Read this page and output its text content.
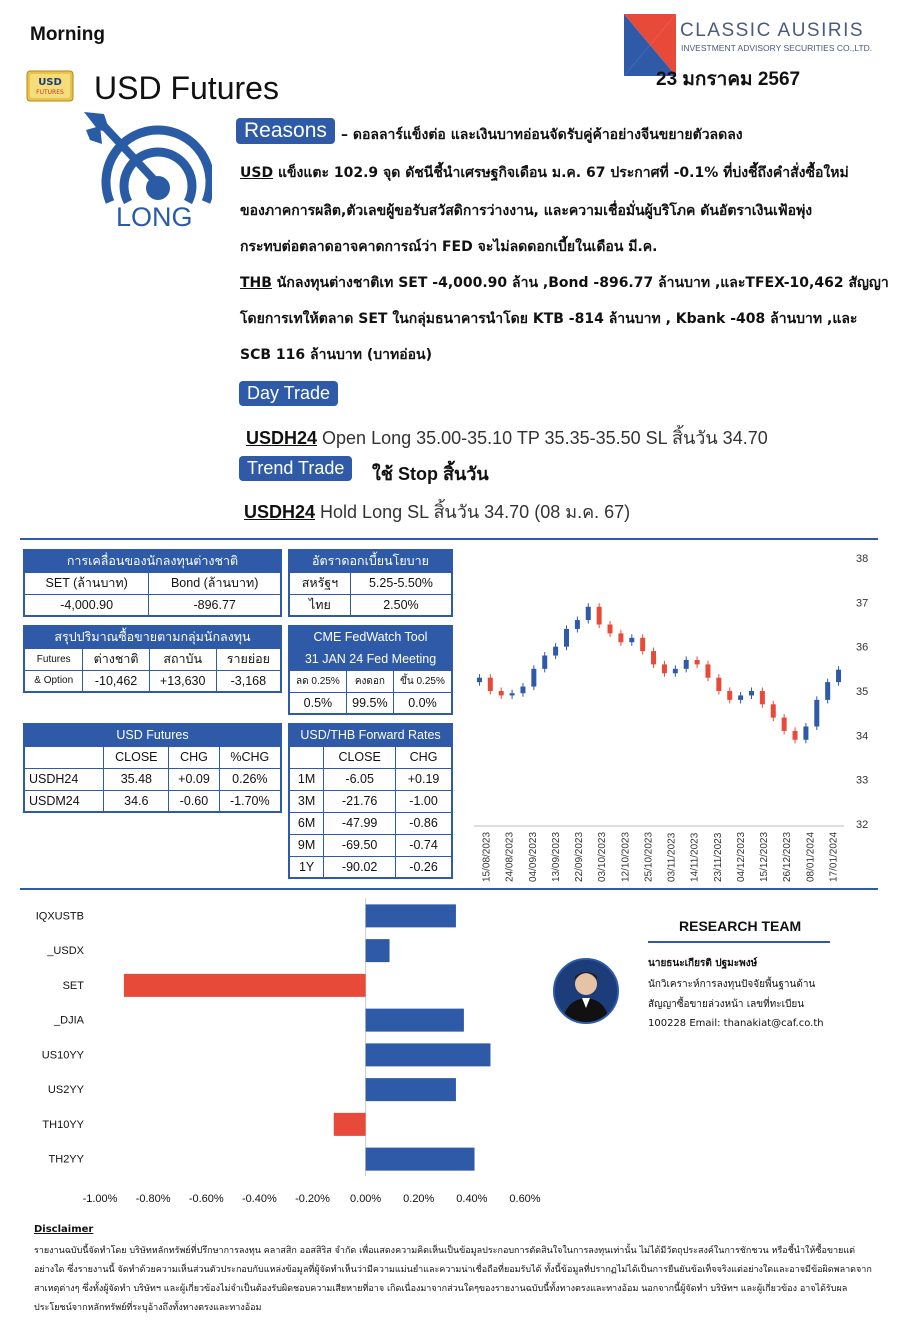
Morning
USD
FUTURES USD Futures
CLASSIC AUSIRIS
INVESTMENT ADVISORY SECURITIES CO.,LTD.
23 มกราคม 2567
LONG
Reasons	– ดอลลาร์แข็งต่อ และเงินบาทอ่อนจัดรับคู่ค้าอย่างจีนขยายตัวลดลง
USD แข็งแตะ 102.9 จุด ดัชนีชี้นำเศรษฐกิจเดือน ม.ค. 67 ประกาศที่ -0.1% ที่บ่งชี้ถึงคำสั่งซื้อใหม่
ของภาคการผลิต,ตัวเลขผู้ขอรับสวัสดิการว่างงาน, และความเชื่อมั่นผู้บริโภค ดันอัตราเงินเฟ้อพุ่ง
กระทบต่อตลาดอาจคาดการณ์ว่า FED จะไม่ลดดอกเบี้ยในเดือน มี.ค.
THB นักลงทุนต่างชาติเท SET -4,000.90 ล้าน ,Bond -896.77 ล้านบาท ,และTFEX-10,462 สัญญา
โดยการเทให้ตลาด SET ในกลุ่มธนาคารนำโดย KTB -814 ล้านบาท , Kbank -408 ล้านบาท ,และ
SCB 116 ล้านบาท (บาทอ่อน)
Day Trade
USDH24 Open Long 35.00-35.10 TP 35.35-35.50 SL สิ้นวัน 34.70
Trend Trade	ใช้ Stop สิ้นวัน
USDH24 Hold Long SL สิ้นวัน 34.70 (08 ม.ค. 67)
การเคลื่อนของนักลงทุนต่างชาติ	
SET (ล้านบาท)	Bond (ล้านบาท)
-4,000.90	-896.77
อัตราดอกเบี้ยนโยบาย	
สหรัฐฯ	5.25-5.50%
ไทย	2.50%
สรุปปริมาณซื้อขายตามกลุ่มนักลงทุน			
Futures	ต่างชาติ	สถาบัน	รายย่อย
& Option	-10,462	+13,630	-3,168
CME FedWatch Tool		
31 JAN 24 Fed Meeting		
ลด 0.25%	คงดอก	ขึ้น 0.25%
0.5%	99.5%	0.0%
USD Futures			
	CLOSE	CHG	%CHG
USDH24	35.48	+0.09	0.26%
USDM24	34.6	-0.60	-1.70%
USD/THB Forward Rates		
	CLOSE	CHG
1M	-6.05	+0.19
3M	-21.76	-1.00
6M	-47.99	-0.86
9M	-69.50	-0.74
1Y	-90.02	-0.26
38
37
36
35
34
33
32
15/08/2023 24/08/2023 04/09/2023 13/09/2023 22/09/2023 03/10/2023 12/10/2023 25/10/2023 03/11/2023 14/11/2023 23/11/2023 04/12/2023 15/12/2023 26/12/2023 08/01/2024 17/01/2024
IQXUSTB
_USDX
SET
_DJIA
US10YY
US2YY
TH10YY
TH2YY
-1.00% -0.80% -0.60% -0.40% -0.20% 0.00% 0.20% 0.40% 0.60%
RESEARCH TEAM
นายธนะเกียรติ ปฐมะพงษ์
นักวิเคราะห์การลงทุนปัจจัยพื้นฐานด้าน
สัญญาซื้อขายล่วงหน้า เลขที่ทะเบียน
100228 Email: thanakiat@caf.co.th
Disclaimer
รายงานฉบับนี้จัดทำโดย บริษัทหลักทรัพย์ที่ปรึกษาการลงทุน คลาสสิก ออสสิริส จำกัด เพื่อแสดงความคิดเห็นเป็นข้อมูลประกอบการตัดสินใจในการลงทุนเท่านั้น ไม่ได้มีวัตถุประสงค์ในการชักชวน หรือชี้นำให้ซื้อขายแต่อย่างใด ซึ่งรายงานนี้ จัดทำด้วยความเห็นส่วนตัวประกอบกับแหล่งข้อมูลที่ผู้จัดทำเห็นว่ามีความแม่นยำและความน่าเชื่อถือที่ยอมรับได้ ทั้งนี้ข้อมูลที่ปรากฏไม่ได้เป็นการยืนยันข้อเท็จจริงแต่อย่างใดและอาจมีข้อผิดพลาดจากสาเหตุต่างๆ ซึ่งทั้งผู้จัดทำ บริษัทฯ และผู้เกี่ยวข้องไม่จำเป็นต้องรับผิดชอบความเสียหายที่อาจ เกิดเนื่องมาจากส่วนใดๆของรายงานฉบับนี้ทั้งทางตรงและทางอ้อม นอกจากนี้ผู้จัดทำ บริษัทฯ และผู้เกี่ยวข้อง อาจได้รับผลประโยชน์จากหลักทรัพย์ที่ระบุอ้างถึงทั้งทางตรงและทางอ้อม
